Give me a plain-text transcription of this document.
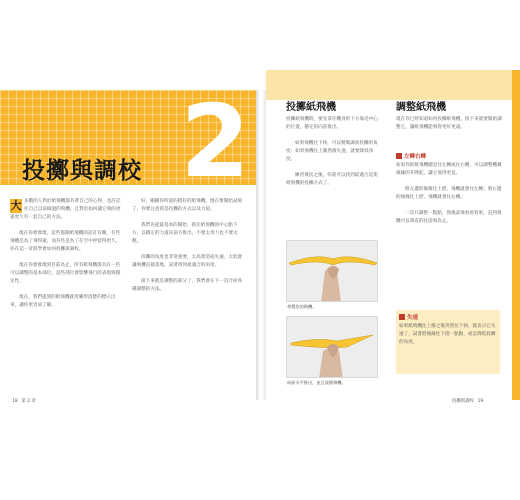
2
投擲與調校

大 多數的人對於紙飛機都有著自己的心得，也許記住自己以前做過的飛機，且對於如何讓它飛的更遠更久有一套自己的方法。

現在你會發現，這些都跟紙飛機的設計有關，有些飛機是為了飛得遠，而有些是為了在空中停留得更久，你在這一章將學會如何投擲與調校。

現在你會發現到目前為止，所有紙飛機都具有一些可以調整的基本部位，這些部位會影響飛行的表現與穩定性。

現在，我們提到的紙飛機就用圖形清楚的標示出來，讓你更容易了解。

好，剛剛你所說的摺好的紙飛機，現在要開始試飛了，你要注意的是投擲的方式以及力道。

我們先從最基本的開始，抓住紙飛機的中心點下方，以穩定的力道向前方推出，不要太用力也不要太輕。

投擲的角度也非常重要，太高會造成失速，太低會讓飛機直接落地，試著找到最適合的角度。

接下來就是調整的部分了，我們會在下一頁介紹各種調整的方法。

18 第 2 章
投擲紙飛機

投擲紙飛機時，要先拿住機身的下方靠近中心的位置，穩定的向前推出。

如果飛機往下掉，可以稍微調高投擲的角度；如果飛機往上衝然後失速，就要降低角度。

練習幾次之後，你就可以找到最適合這架紙飛機的投擲方式了。

拿穩你的飛機。
向前水平推出，並且放開飛機。
調整紙飛機

現在你已經知道如何投擲紙飛機，接下來就要開始調整它，讓紙飛機能飛得更好更遠。

左轉右轉

如果你的紙飛機總是往左轉或往右轉，可以調整機翼後緣的升降舵，讓它飛得更直。

將左邊的後緣往上摺，飛機就會往左轉；將右邊的後緣往上摺，飛機就會往右轉。

一次只調整一點點，然後試飛看看效果，直到飛機可以筆直的往前飛為止。

失速

如果紙飛機往上衝之後突然往下掉，就表示它失速了，試著將後緣往下摺一點點，或是降低投擲的角度。

投擲與調校 19
